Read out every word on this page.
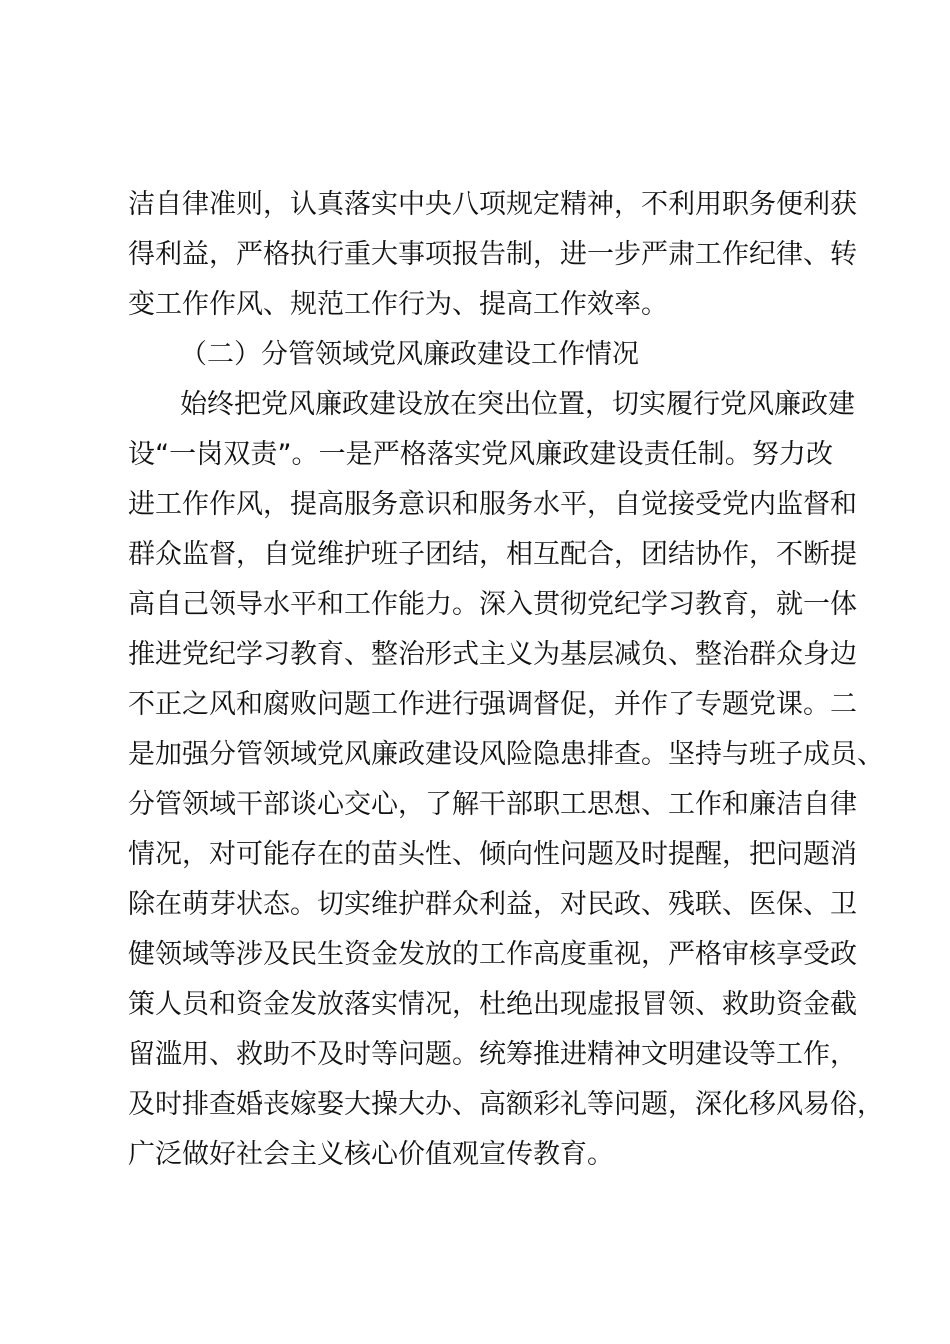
洁自律准则，认真落实中央八项规定精神，不利用职务便利获
得利益，严格执行重大事项报告制，进一步严肃工作纪律、转
变工作作风、规范工作行为、提高工作效率。
（二）分管领域党风廉政建设工作情况
始终把党风廉政建设放在突出位置，切实履行党风廉政建
设“一岗双责”。一是严格落实党风廉政建设责任制。努力改
进工作作风，提高服务意识和服务水平，自觉接受党内监督和
群众监督，自觉维护班子团结，相互配合，团结协作，不断提
高自己领导水平和工作能力。深入贯彻党纪学习教育，就一体
推进党纪学习教育、整治形式主义为基层减负、整治群众身边
不正之风和腐败问题工作进行强调督促，并作了专题党课。二
是加强分管领域党风廉政建设风险隐患排查。坚持与班子成员、
分管领域干部谈心交心，了解干部职工思想、工作和廉洁自律
情况，对可能存在的苗头性、倾向性问题及时提醒，把问题消
除在萌芽状态。切实维护群众利益，对民政、残联、医保、卫
健领域等涉及民生资金发放的工作高度重视，严格审核享受政
策人员和资金发放落实情况，杜绝出现虚报冒领、救助资金截
留滥用、救助不及时等问题。统筹推进精神文明建设等工作，
及时排查婚丧嫁娶大操大办、高额彩礼等问题，深化移风易俗，
广泛做好社会主义核心价值观宣传教育。
